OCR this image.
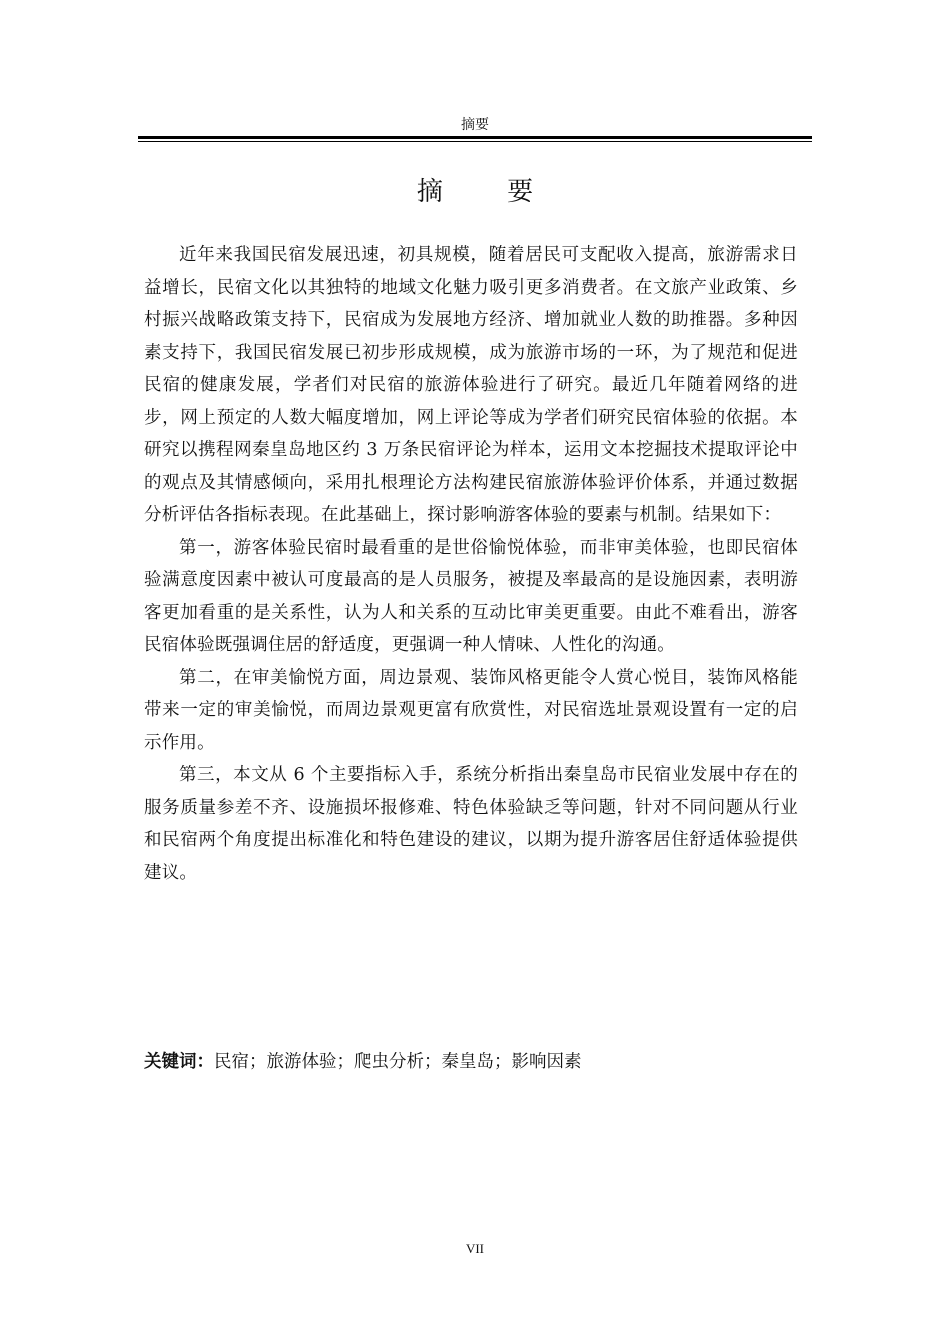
摘要
摘 要

近年来我国民宿发展迅速，初具规模，随着居民可支配收入提高，旅游需求日益增长，民宿文化以其独特的地域文化魅力吸引更多消费者。在文旅产业政策、乡村振兴战略政策支持下，民宿成为发展地方经济、增加就业人数的助推器。多种因素支持下，我国民宿发展已初步形成规模，成为旅游市场的一环，为了规范和促进民宿的健康发展，学者们对民宿的旅游体验进行了研究。最近几年随着网络的进步，网上预定的人数大幅度增加，网上评论等成为学者们研究民宿体验的依据。本研究以携程网秦皇岛地区约 3 万条民宿评论为样本，运用文本挖掘技术提取评论中的观点及其情感倾向，采用扎根理论方法构建民宿旅游体验评价体系，并通过数据分析评估各指标表现。在此基础上，探讨影响游客体验的要素与机制。结果如下：

第一，游客体验民宿时最看重的是世俗愉悦体验，而非审美体验，也即民宿体验满意度因素中被认可度最高的是人员服务，被提及率最高的是设施因素，表明游客更加看重的是关系性，认为人和关系的互动比审美更重要。由此不难看出，游客民宿体验既强调住居的舒适度，更强调一种人情味、人性化的沟通。

第二，在审美愉悦方面，周边景观、装饰风格更能令人赏心悦目，装饰风格能带来一定的审美愉悦，而周边景观更富有欣赏性，对民宿选址景观设置有一定的启示作用。

第三，本文从 6 个主要指标入手，系统分析指出秦皇岛市民宿业发展中存在的服务质量参差不齐、设施损坏报修难、特色体验缺乏等问题，针对不同问题从行业和民宿两个角度提出标准化和特色建设的建议，以期为提升游客居住舒适体验提供建议。

关键词：民宿；旅游体验；爬虫分析；秦皇岛；影响因素
VII
